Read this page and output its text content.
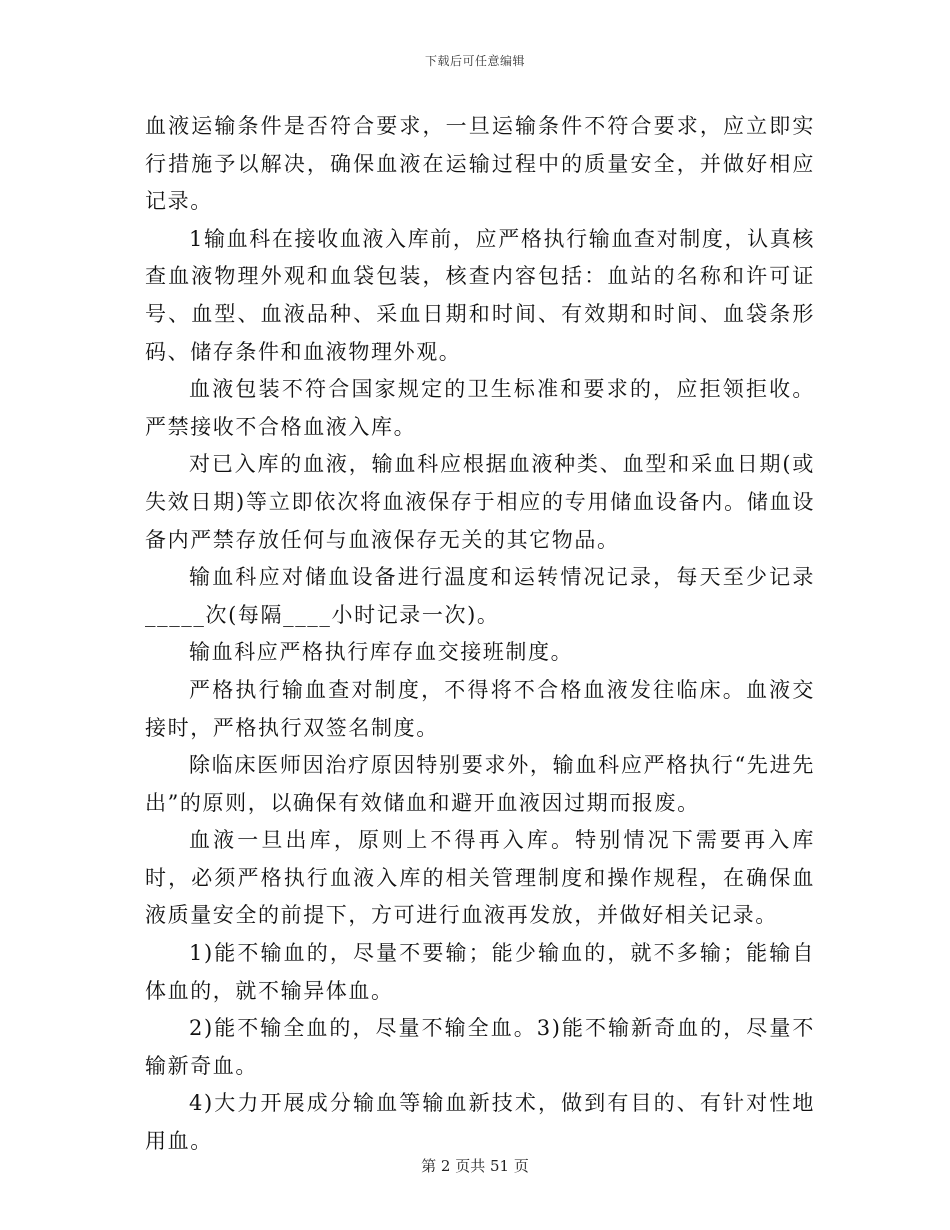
下载后可任意编辑

血液运输条件是否符合要求，一旦运输条件不符合要求，应立即实行措施予以解决，确保血液在运输过程中的质量安全，并做好相应记录。

1输血科在接收血液入库前，应严格执行输血查对制度，认真核查血液物理外观和血袋包装，核查内容包括：血站的名称和许可证号、血型、血液品种、采血日期和时间、有效期和时间、血袋条形码、储存条件和血液物理外观。

血液包装不符合国家规定的卫生标准和要求的，应拒领拒收。严禁接收不合格血液入库。

对已入库的血液，输血科应根据血液种类、血型和采血日期(或失效日期)等立即依次将血液保存于相应的专用储血设备内。储血设备内严禁存放任何与血液保存无关的其它物品。

输血科应对储血设备进行温度和运转情况记录，每天至少记录_____次(每隔____小时记录一次)。

输血科应严格执行库存血交接班制度。

严格执行输血查对制度，不得将不合格血液发往临床。血液交接时，严格执行双签名制度。

除临床医师因治疗原因特别要求外，输血科应严格执行“先进先出”的原则，以确保有效储血和避开血液因过期而报废。

血液一旦出库，原则上不得再入库。特别情况下需要再入库时，必须严格执行血液入库的相关管理制度和操作规程，在确保血液质量安全的前提下，方可进行血液再发放，并做好相关记录。

1)能不输血的，尽量不要输；能少输血的，就不多输；能输自体血的，就不输异体血。

2)能不输全血的，尽量不输全血。3)能不输新奇血的，尽量不输新奇血。

4)大力开展成分输血等输血新技术，做到有目的、有针对性地用血。

第 2 页共 51 页
